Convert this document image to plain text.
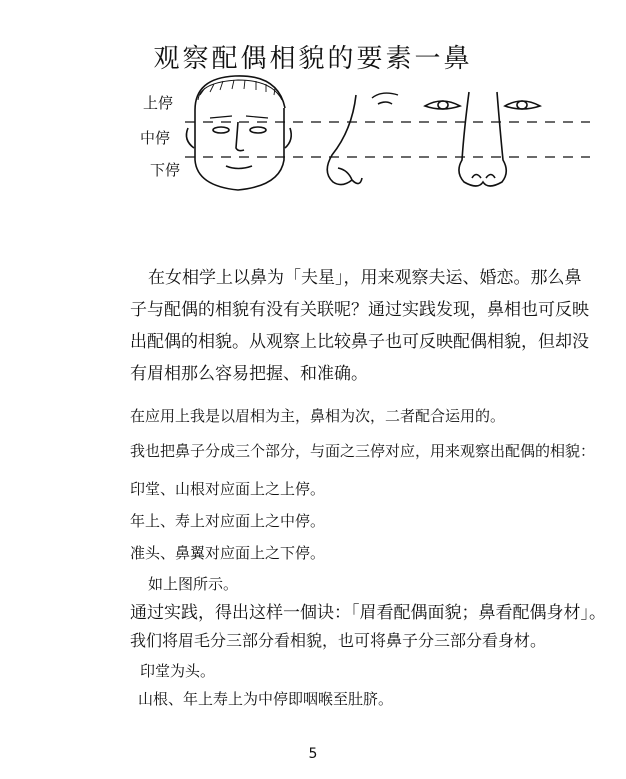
观察配偶相貌的要素一鼻
上停
中停
下停

在女相学上以鼻为「夫星」，用来观察夫运、婚恋。那么鼻子与配偶的相貌有没有关联呢？通过实践发现，鼻相也可反映出配偶的相貌。从观察上比较鼻子也可反映配偶相貌，但却没有眉相那么容易把握、和准确。

在应用上我是以眉相为主，鼻相为次，二者配合运用的。

我也把鼻子分成三个部分，与面之三停对应，用来观察出配偶的相貌：

印堂、山根对应面上之上停。

年上、寿上对应面上之中停。

准头、鼻翼对应面上之下停。

如上图所示。

通过实践，得出这样一個诀：「眉看配偶面貌；鼻看配偶身材」。

我们将眉毛分三部分看相貌，也可将鼻子分三部分看身材。

印堂为头。

山根、年上寿上为中停即咽喉至肚脐。

5
